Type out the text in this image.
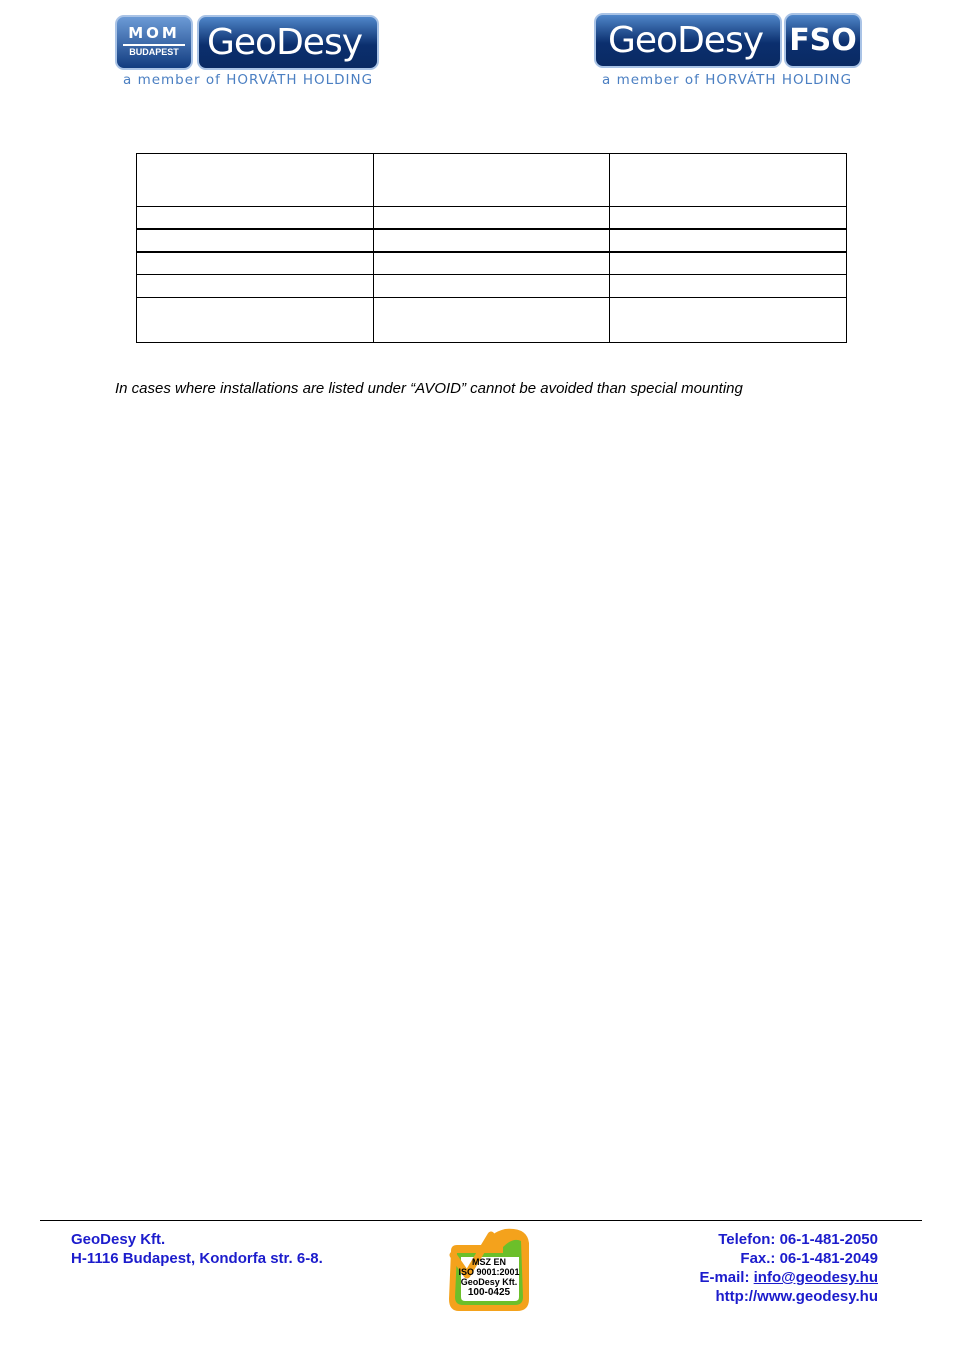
MOM
BUDAPEST GeoDesy
a member of HORVÁTH HOLDING
GeoDesy FSO
a member of HORVÁTH HOLDING

In cases where installations are listed under “AVOID” cannot be avoided than special mounting
GeoDesy Kft.
H-1116 Budapest, Kondorfa str. 6-8.	MSZ EN
ISO 9001:2001
GeoDesy Kft.
100-0425
Telefon: 06-1-481-2050
Fax.: 06-1-481-2049
E-mail: info@geodesy.hu
http://www.geodesy.hu
